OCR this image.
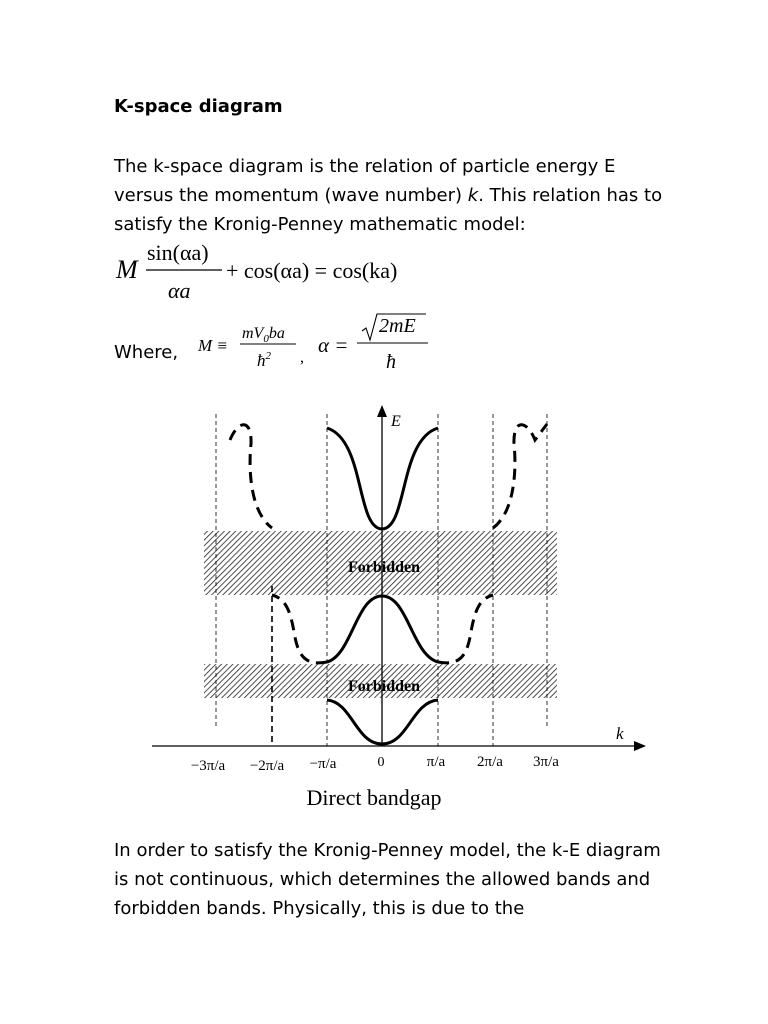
K-space diagram
The k-space diagram is the relation of particle energy E versus the momentum (wave number) k. This relation has to satisfy the Kronig-Penney mathematic model:
M
sin(αa)
αa
+ cos(αa) = cos(ka)
Where, M ≡
$mV_0ba$
$ħ^2$ ,
α =
2mE
ħ
Forbidden
Forbidden
E
k
−3π/a −2π/a −π/a	0	π/a 2π/a 3π/a
Direct bandgap
In order to satisfy the Kronig-Penney model, the k-E diagram is not continuous, which determines the allowed bands and forbidden bands. Physically, this is due to the
